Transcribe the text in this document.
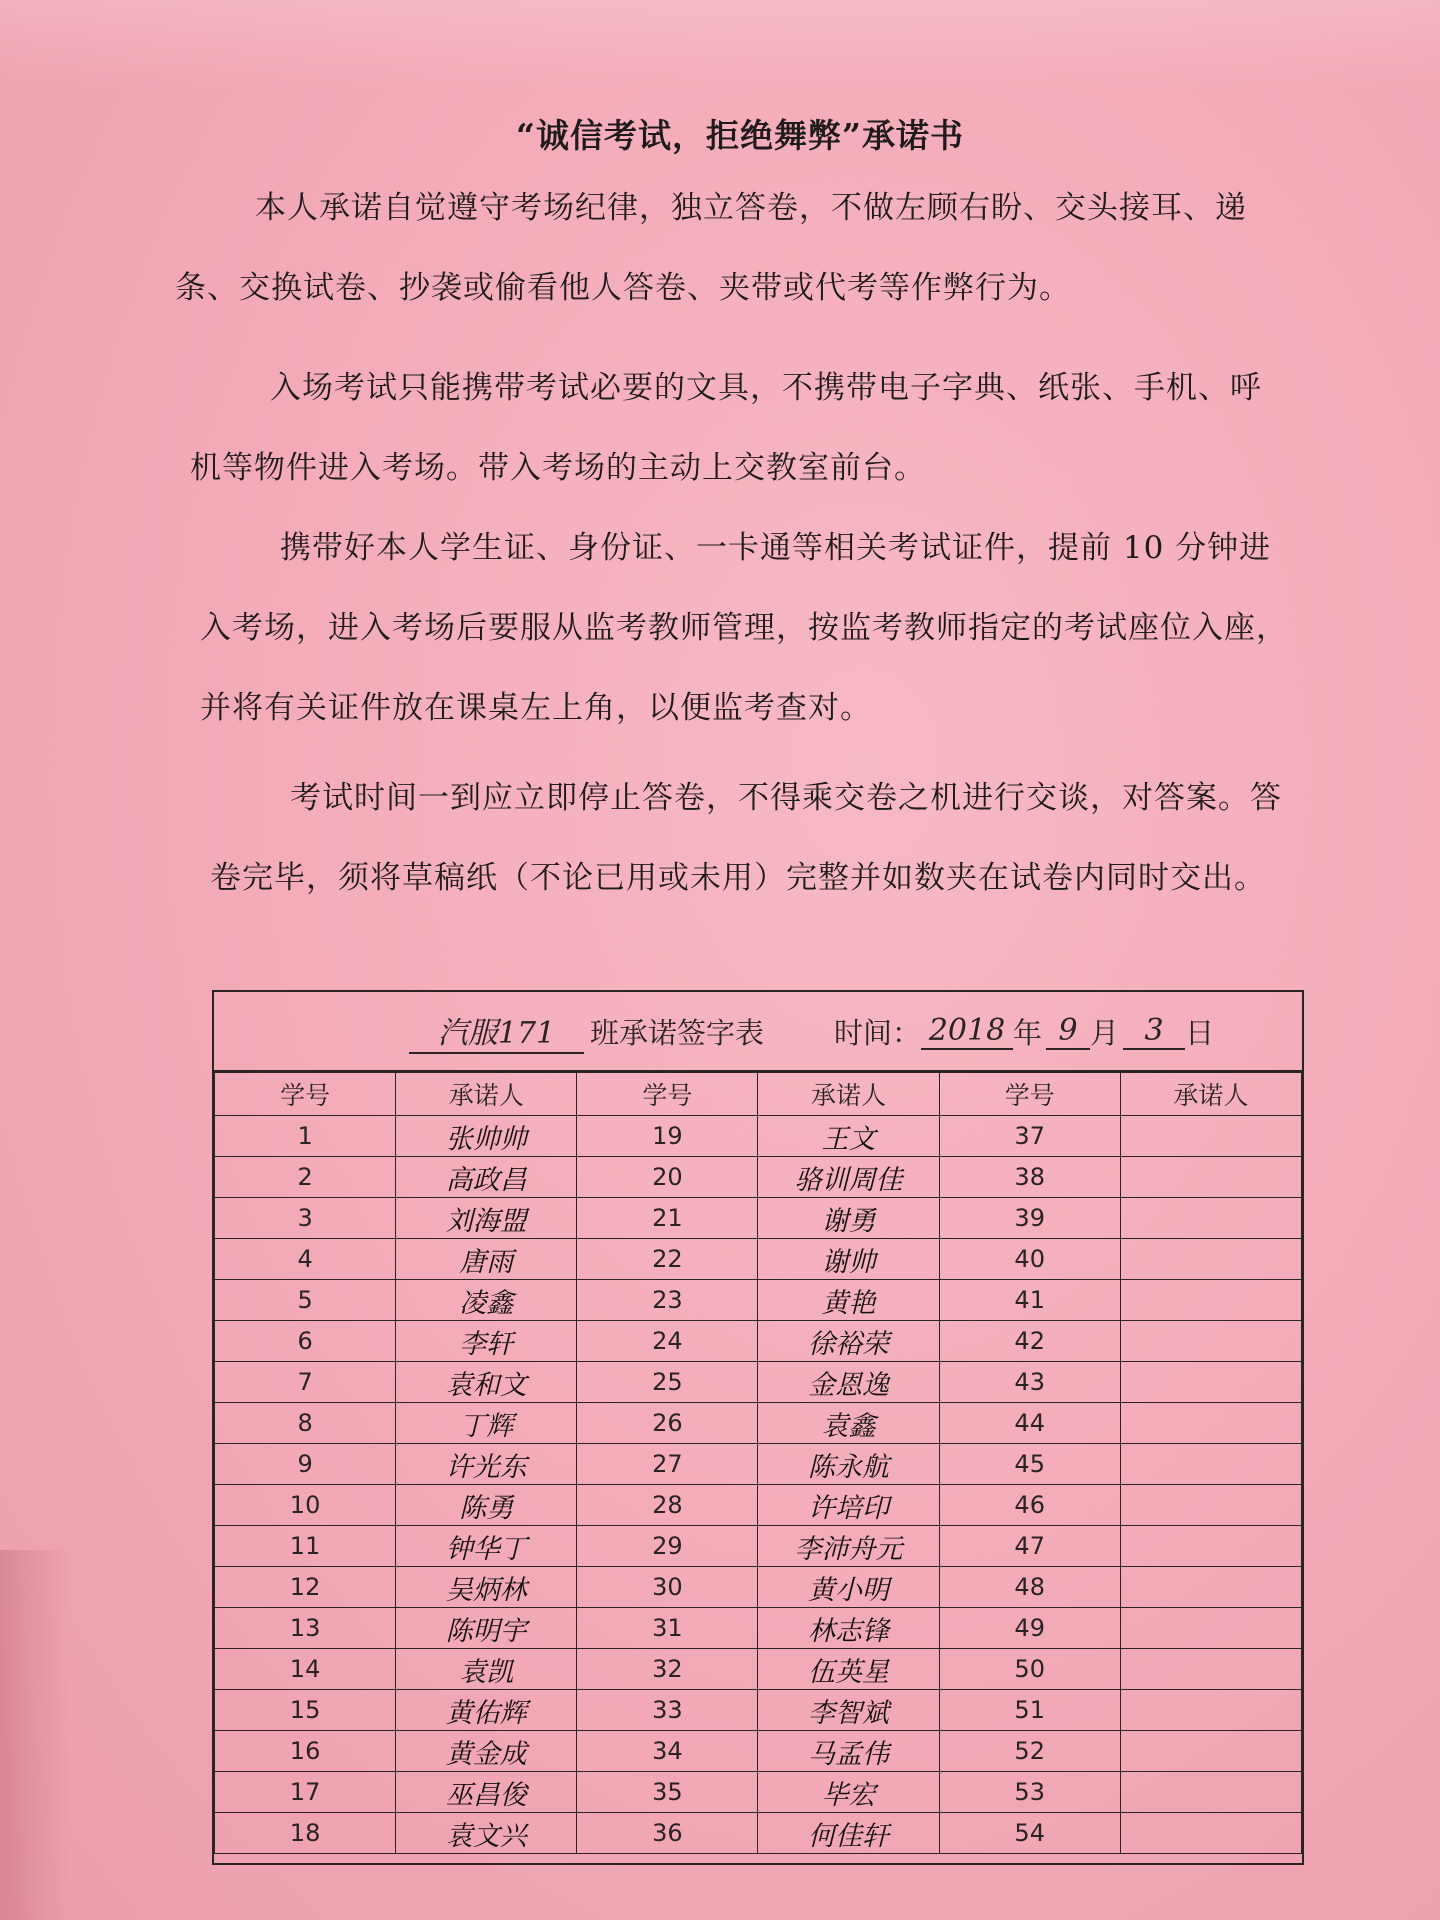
“诚信考试，拒绝舞弊”承诺书
本人承诺自觉遵守考场纪律，独立答卷，不做左顾右盼、交头接耳、递条、交换试卷、抄袭或偷看他人答卷、夹带或代考等作弊行为。
入场考试只能携带考试必要的文具，不携带电子字典、纸张、手机、呼机等物件进入考场。带入考场的主动上交教室前台。
携带好本人学生证、身份证、一卡通等相关考试证件，提前 10 分钟进入考场，进入考场后要服从监考教师管理，按监考教师指定的考试座位入座，并将有关证件放在课桌左上角，以便监考查对。
考试时间一到应立即停止答卷，不得乘交卷之机进行交谈，对答案。答卷完毕，须将草稿纸（不论已用或未用）完整并如数夹在试卷内同时交出。
汽服171	班承诺签字表 时间： 2018 年 9 月 3 日
学号	承诺人	学号	承诺人	学号	承诺人
1	张帅帅	19	王文	37	
2	高政昌	20	骆训周佳	38	
3	刘海盟	21	谢勇	39	
4	唐雨	22	谢帅	40	
5	凌鑫	23	黄艳	41	
6	李轩	24	徐裕荣	42	
7	袁和文	25	金恩逸	43	
8	丁辉	26	袁鑫	44	
9	许光东	27	陈永航	45	
10	陈勇	28	许培印	46	
11	钟华丁	29	李沛舟元	47	
12	吴炳林	30	黄小明	48	
13	陈明宇	31	林志锋	49	
14	袁凯	32	伍英星	50	
15	黄佑辉	33	李智斌	51	
16	黄金成	34	马孟伟	52	
17	巫昌俊	35	毕宏	53	
18	袁文兴	36	何佳轩	54	
